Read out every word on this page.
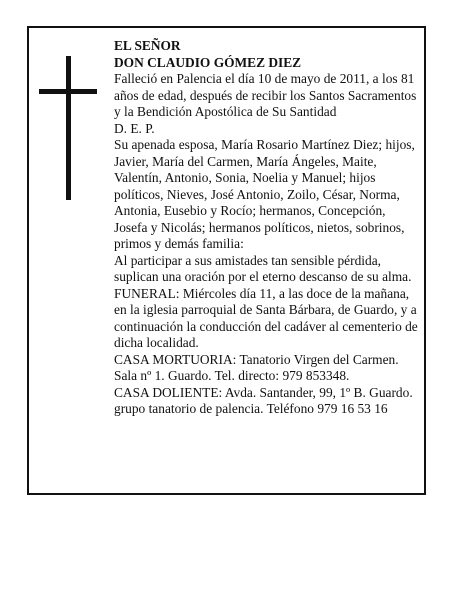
EL SEÑOR

DON CLAUDIO GÓMEZ DIEZ

Falleció en Palencia el día 10 de mayo de 2011, a los 81 años de edad, después de recibir los Santos Sacramentos y la Bendición Apostólica de Su Santidad

D. E. P.

Su apenada esposa, María Rosario Martínez Diez; hijos, Javier, María del Carmen, María Ángeles, Maite, Valentín, Antonio, Sonia, Noelia y Manuel; hijos políticos, Nieves, José Antonio, Zoilo, César, Norma, Antonia, Eusebio y Rocío; hermanos, Concepción, Josefa y Nicolás; hermanos políticos, nietos, sobrinos, primos y demás familia:

Al participar a sus amistades tan sensible pérdida, suplican una oración por el eterno descanso de su alma.

FUNERAL: Miércoles día 11, a las doce de la mañana, en la iglesia parroquial de Santa Bárbara, de Guardo, y a continuación la conducción del cadáver al cementerio de dicha localidad.

CASA MORTUORIA: Tanatorio Virgen del Carmen. Sala nº 1. Guardo. Tel. directo: 979 853348.

CASA DOLIENTE: Avda. Santander, 99, 1º B. Guardo.

grupo tanatorio de palencia. Teléfono 979 16 53 16
